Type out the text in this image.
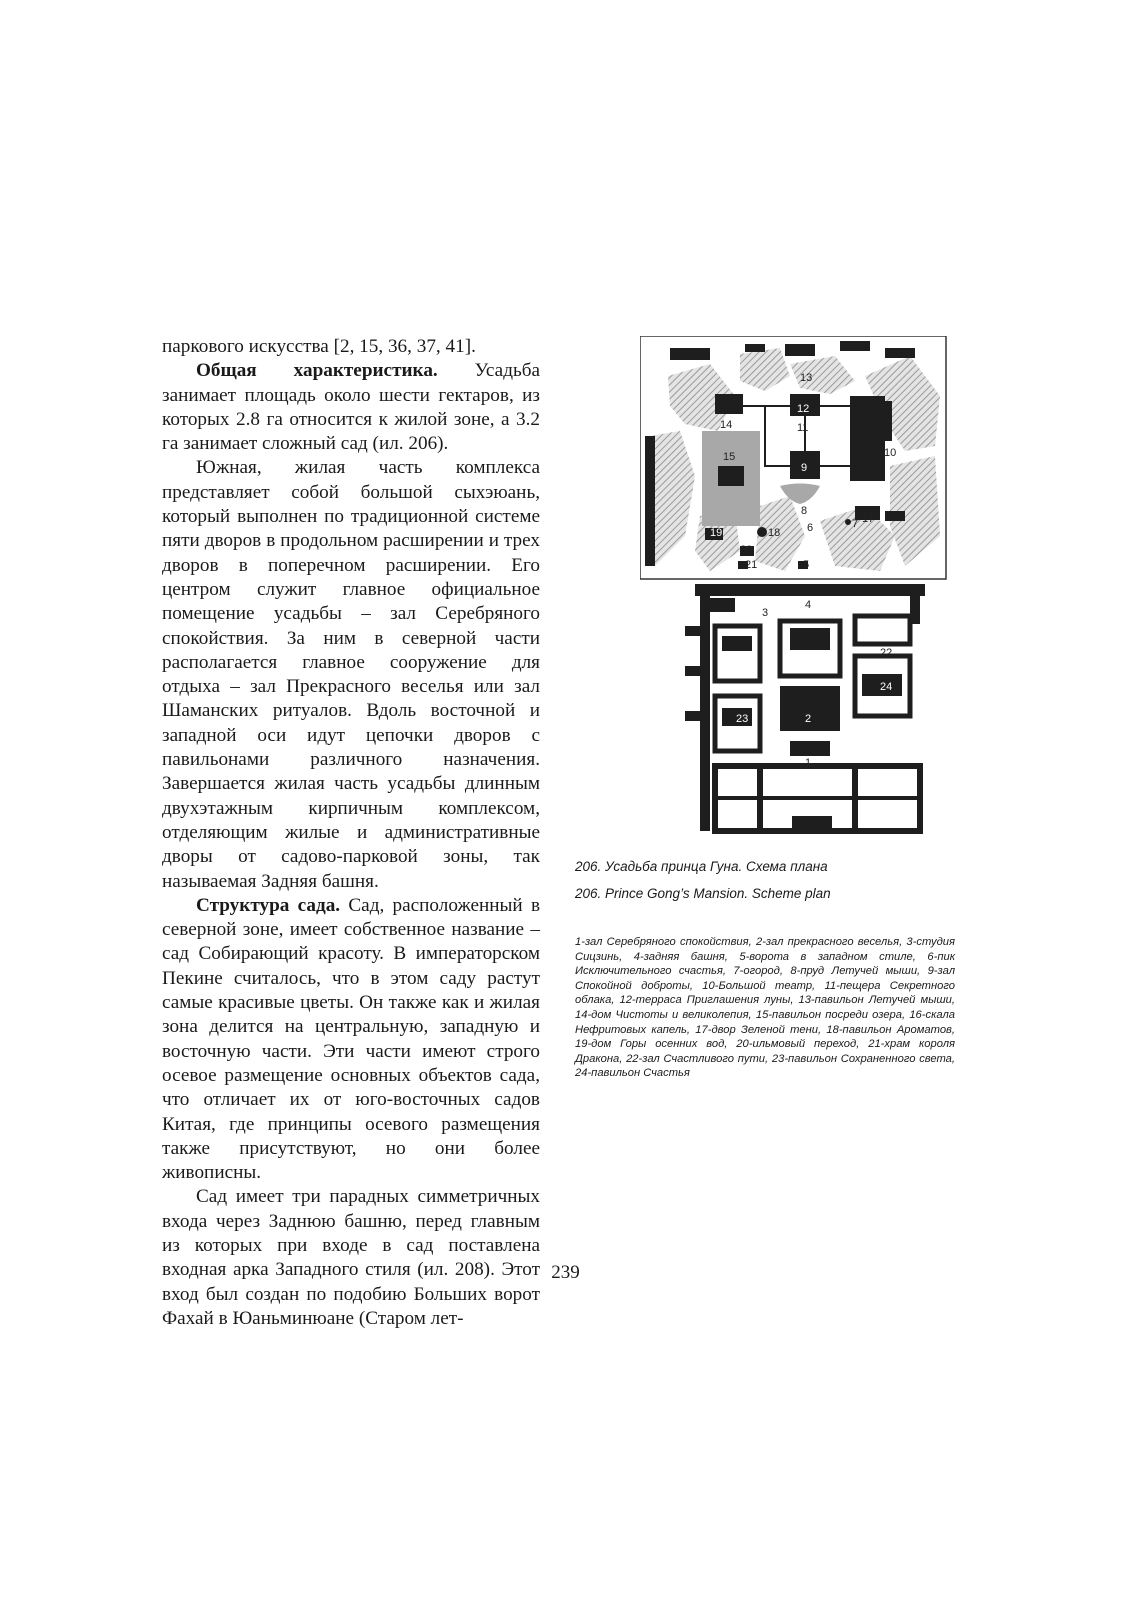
паркового искусства [2, 15, 36, 37, 41].

Общая характеристика. Усадьба занимает площадь около шести гектаров, из которых 2.8 га относится к жилой зоне, а 3.2 га занимает сложный сад (ил. 206).

Южная, жилая часть комплекса представляет собой большой сыхэюань, который выполнен по традиционной системе пяти дворов в продольном расширении и трех дворов в поперечном расширении. Его центром служит главное официальное помещение усадьбы – зал Серебряного спокойствия. За ним в северной части располагается главное сооружение для отдыха – зал Прекрасного веселья или зал Шаманских ритуалов. Вдоль восточной и западной оси идут цепочки дворов с павильонами различного назначения. Завершается жилая часть усадьбы длинным двухэтажным кирпичным комплексом, отделяющим жилые и административные дворы от садово-парковой зоны, так называемая Задняя башня.

Структура сада. Сад, расположенный в северной зоне, имеет собственное название – сад Собирающий красоту. В императорском Пекине считалось, что в этом саду растут самые красивые цветы. Он также как и жилая зона делится на центральную, западную и восточную части. Эти части имеют строго осевое размещение основных объектов сада, что отличает их от юго-восточных садов Китая, где принципы осевого размещения также присутствуют, но они более живописны.

Сад имеет три парадных симметричных входа через Заднюю башню, перед главным из которых при входе в сад поставлена входная арка Западного стиля (ил. 208). Этот вход был создан по подобию Больших ворот Фахай в Юаньминюане (Старом лет-

13
12
11
14
15	10
9
8
6	7 17
19	18
20
21	5
4
3
22
23	2
24
1
206. Усадьба принца Гуна. Схема плана
206. Prince Gong’s Mansion. Scheme plan
1-зал Серебряного спокойствия, 2-зал прекрасного веселья, 3-студия Сицзинь, 4-задняя башня, 5-ворота в западном стиле, 6-пик Исключительного счастья, 7-огород, 8-пруд Летучей мыши, 9-зал Спокойной доброты, 10-Большой театр, 11-пещера Секретного облака, 12-терраса Приглашения луны, 13-павильон Летучей мыши, 14-дом Чистоты и великолепия, 15-павильон посреди озера, 16-скала Нефритовых капель, 17-двор Зеленой тени, 18-павильон Ароматов, 19-дом Горы осенних вод, 20-ильмовый переход, 21-храм короля Дракона, 22-зал Счастливого пути, 23-павильон Сохраненного света, 24-павильон Счастья
239
